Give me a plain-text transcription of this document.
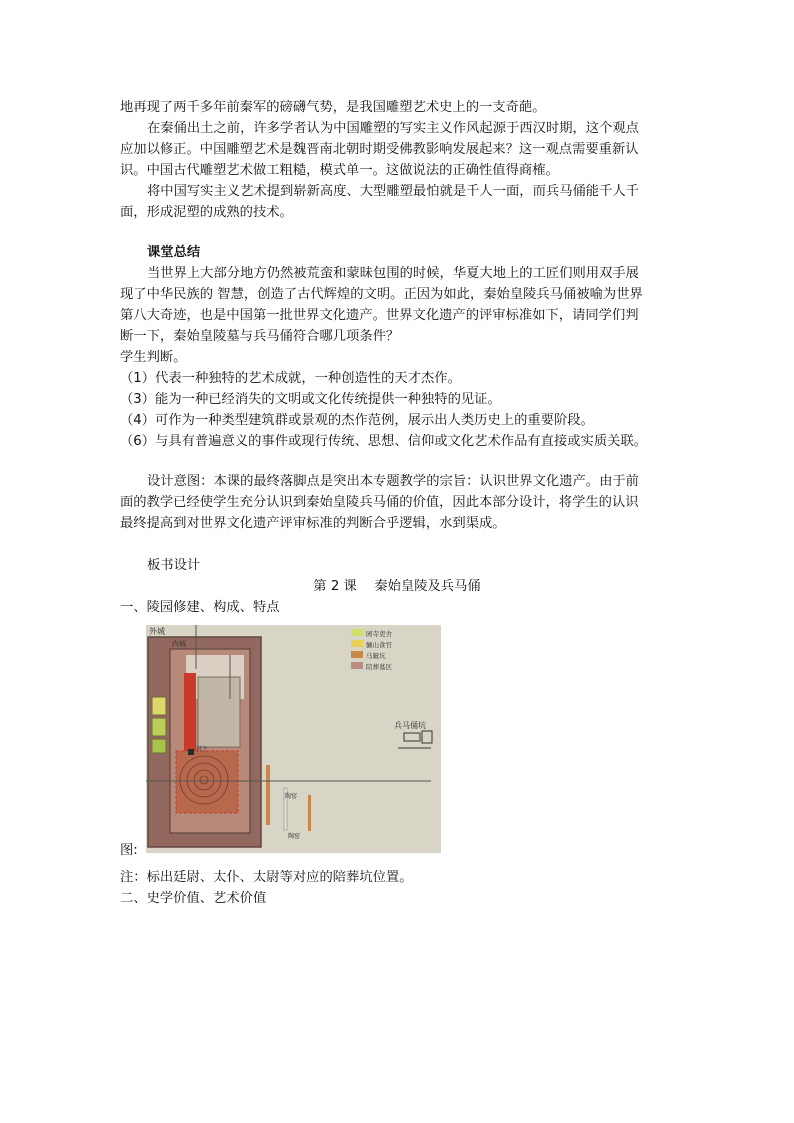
地再现了两千多年前秦军的磅礴气势，是我国雕塑艺术史上的一支奇葩。
在秦俑出土之前，许多学者认为中国雕塑的写实主义作风起源于西汉时期，这个观点
应加以修正。中国雕塑艺术是魏晋南北朝时期受佛教影响发展起来？这一观点需要重新认
识。中国古代雕塑艺术做工粗糙，模式单一。这做说法的正确性值得商榷。
将中国写实主义艺术提到崭新高度、大型雕塑最怕就是千人一面，而兵马俑能千人千
面，形成泥塑的成熟的技术。
课堂总结
当世界上大部分地方仍然被荒蛮和蒙昧包围的时候，华夏大地上的工匠们则用双手展
现了中华民族的 智慧，创造了古代辉煌的文明。正因为如此，秦始皇陵兵马俑被喻为世界
第八大奇迹，也是中国第一批世界文化遗产。世界文化遗产的评审标准如下，请同学们判
断一下，秦始皇陵墓与兵马俑符合哪几项条件？
学生判断。
（1）代表一种独特的艺术成就，一种创造性的天才杰作。
（3）能为一种已经消失的文明或文化传统提供一种独特的见证。
（4）可作为一种类型建筑群或景观的杰作范例，展示出人类历史上的重要阶段。
（6）与具有普遍意义的事件或现行传统、思想、信仰或文化艺术作品有直接或实质关联。
设计意图：本课的最终落脚点是突出本专题教学的宗旨：认识世界文化遗产。由于前
面的教学已经使学生充分认识到秦始皇陵兵马俑的价值，因此本部分设计，将学生的认识
最终提高到对世界文化遗产评审标准的判断合乎逻辑，水到渠成。
板书设计
第 2 课　 秦始皇陵及兵马俑
一、陵园修建、构成、特点
外城
内城
封土
陶窑
陶窑
兵马俑坑
园寺吏舍
骊山食官
马厩坑
陪葬墓区
图:
注：标出廷尉、太仆、太尉等对应的陪葬坑位置。
二、史学价值、艺术价值
